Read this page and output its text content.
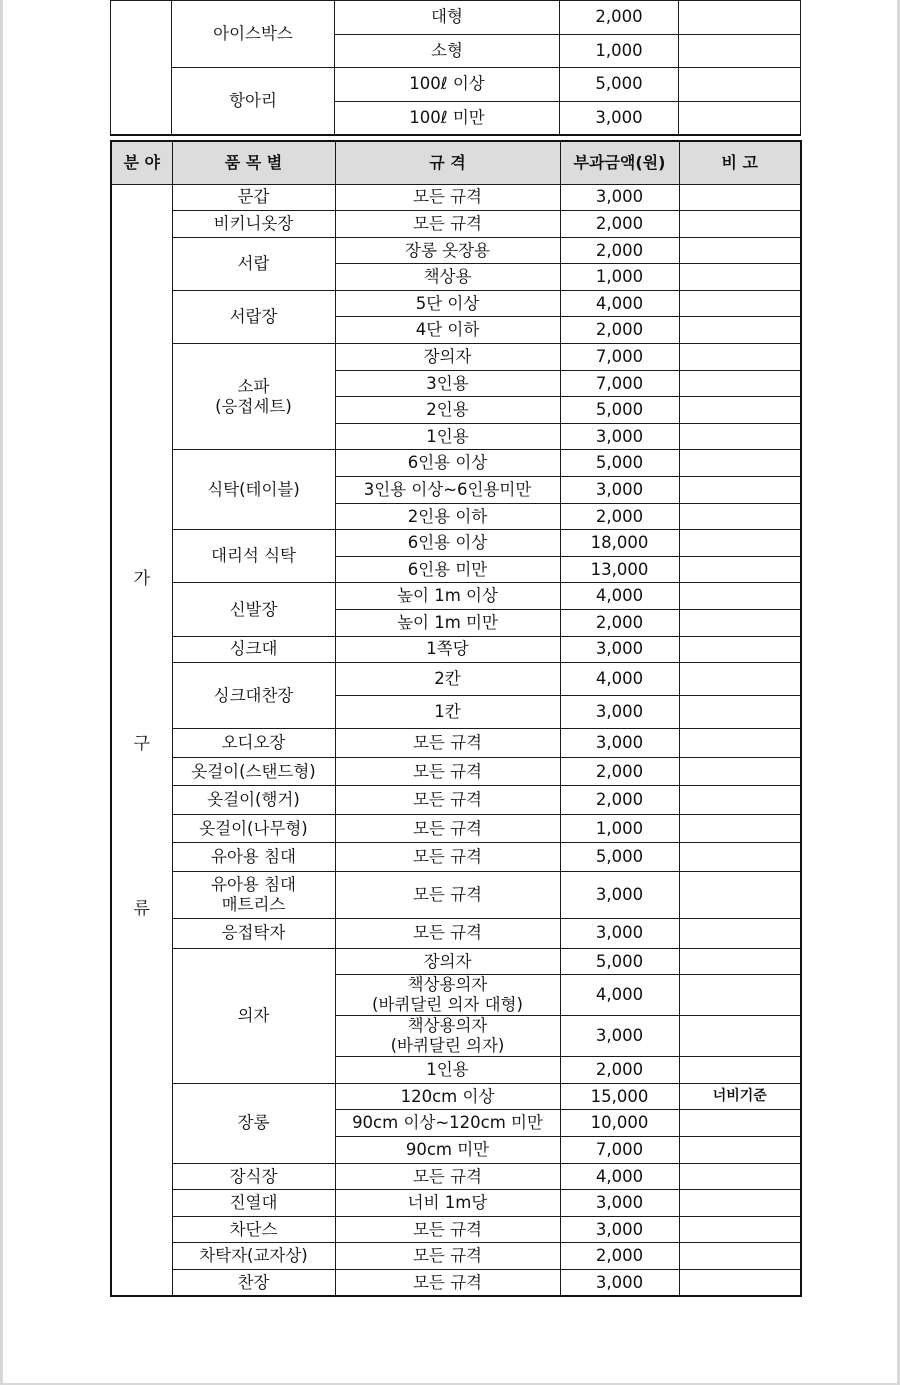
	아이스박스	대형	2,000	
		소형	1,000	
	항아리	100ℓ 이상	5,000	
		100ℓ 미만	3,000	
분 야	품 목 별	규 격	부과금액(원)	비 고

가
구
류	문갑	모든 규격	3,000	
	비키니옷장	모든 규격	2,000	
	서랍	장롱 옷장용	2,000	
		책상용	1,000	
	서랍장	5단 이상	4,000	
		4단 이하	2,000	
	소파
(응접세트)	장의자	7,000	
		3인용	7,000	
		2인용	5,000	
		1인용	3,000	
	식탁(테이블)	6인용 이상	5,000	
		3인용 이상~6인용미만	3,000	
		2인용 이하	2,000	
	대리석 식탁	6인용 이상	18,000	
		6인용 미만	13,000	
	신발장	높이 1m 이상	4,000	
		높이 1m 미만	2,000	
	싱크대	1쪽당	3,000	
	싱크대찬장	2칸	4,000	
		1칸	3,000	
	오디오장	모든 규격	3,000	
	옷걸이(스탠드형)	모든 규격	2,000	
	옷걸이(행거)	모든 규격	2,000	
	옷걸이(나무형)	모든 규격	1,000	
	유아용 침대	모든 규격	5,000	
	유아용 침대
매트리스	모든 규격	3,000	
	응접탁자	모든 규격	3,000	
	의자	장의자	5,000	
		책상용의자
(바퀴달린 의자 대형)	4,000	
		책상용의자
(바퀴달린 의자)	3,000	
		1인용	2,000	
	장롱	120cm 이상	15,000	너비기준
		90cm 이상~120cm 미만	10,000	
		90cm 미만	7,000	
	장식장	모든 규격	4,000	
	진열대	너비 1m당	3,000	
	차단스	모든 규격	3,000	
	차탁자(교자상)	모든 규격	2,000	
	찬장	모든 규격	3,000	
